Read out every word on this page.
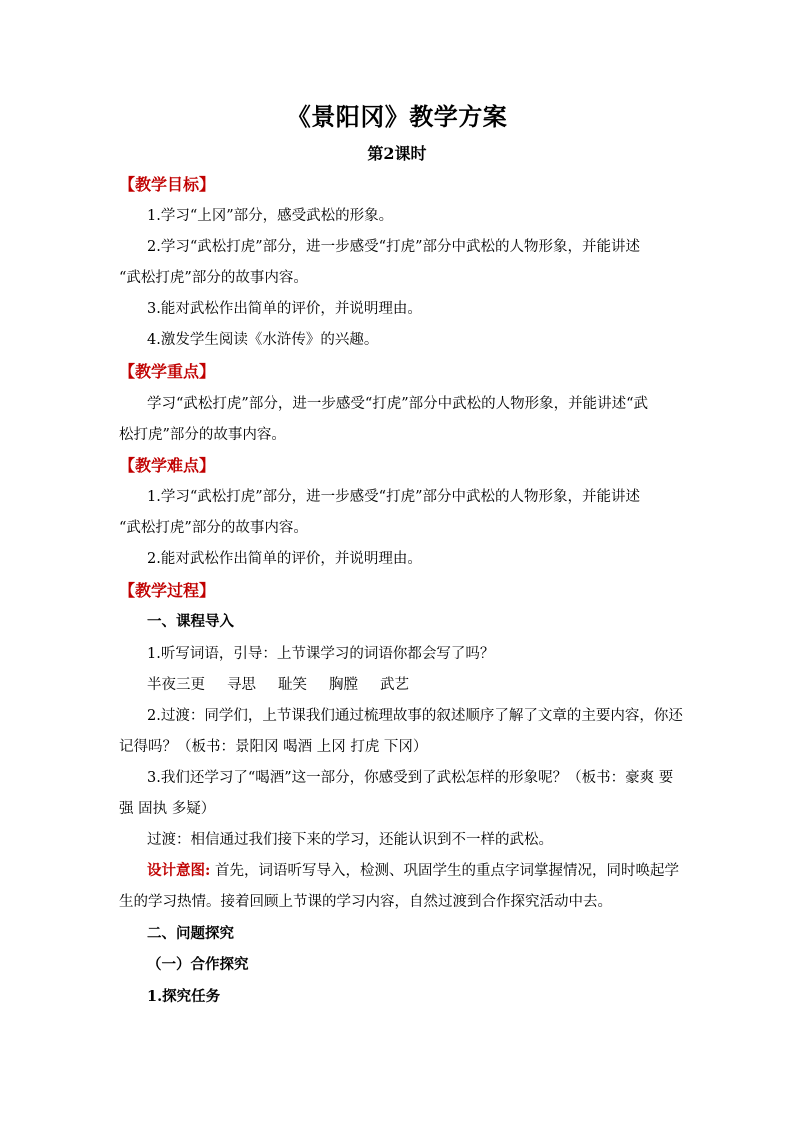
《景阳冈》教学方案
第2课时
【教学目标】
1.学习“上冈”部分，感受武松的形象。
2.学习“武松打虎”部分，进一步感受“打虎”部分中武松的人物形象，并能讲述
“武松打虎”部分的故事内容。
3.能对武松作出简单的评价，并说明理由。
4.激发学生阅读《水浒传》的兴趣。
【教学重点】
学习“武松打虎”部分，进一步感受“打虎”部分中武松的人物形象，并能讲述“武
松打虎”部分的故事内容。
【教学难点】
1.学习“武松打虎”部分，进一步感受“打虎”部分中武松的人物形象，并能讲述
“武松打虎”部分的故事内容。
2.能对武松作出简单的评价，并说明理由。
【教学过程】
一、课程导入
1.听写词语，引导：上节课学习的词语你都会写了吗？
半夜三更 寻思 耻笑 胸膛 武艺
2.过渡：同学们，上节课我们通过梳理故事的叙述顺序了解了文章的主要内容，你还
记得吗？（板书：景阳冈 喝酒 上冈 打虎 下冈）
3.我们还学习了“喝酒”这一部分，你感受到了武松怎样的形象呢？（板书：豪爽 要
强 固执 多疑）
过渡：相信通过我们接下来的学习，还能认识到不一样的武松。
设计意图: 首先，词语听写导入，检测、巩固学生的重点字词掌握情况，同时唤起学
生的学习热情。接着回顾上节课的学习内容，自然过渡到合作探究活动中去。
二、问题探究
（一）合作探究
1.探究任务
